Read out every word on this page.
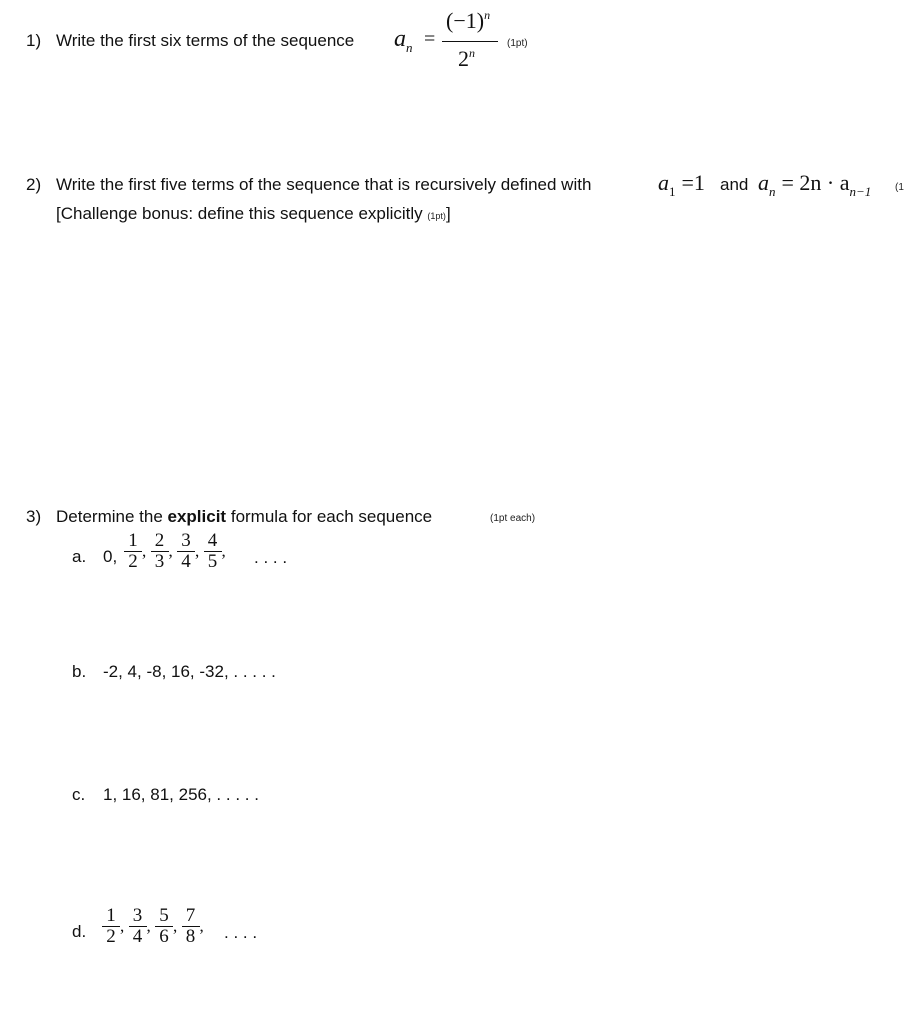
1) Write the first six terms of the sequence $a_n$ =
$(-1)^n$
2$^n$
(1pt)
2) Write the first five terms of the sequence that is recursively defined with	$a_1 =1$ and $a_n = 2n \cdot a_{n-1}$ (1
[Challenge bonus: define this sequence explicitly (1pt)]
3) Determine the explicit formula for each sequence	(1pt each)
a. 0, $\frac{1}{2}$ , $\frac{2}{3}$ , $\frac{3}{4}$ , $\frac{4}{5}$ , . . . .
b. -2, 4, -8, 16, -32, . . . . .
c. 1, 16, 81, 256, . . . . .
d. $\frac{1}{2}$ , $\frac{3}{4}$ , $\frac{5}{6}$ , $\frac{7}{8}$ , . . . .
